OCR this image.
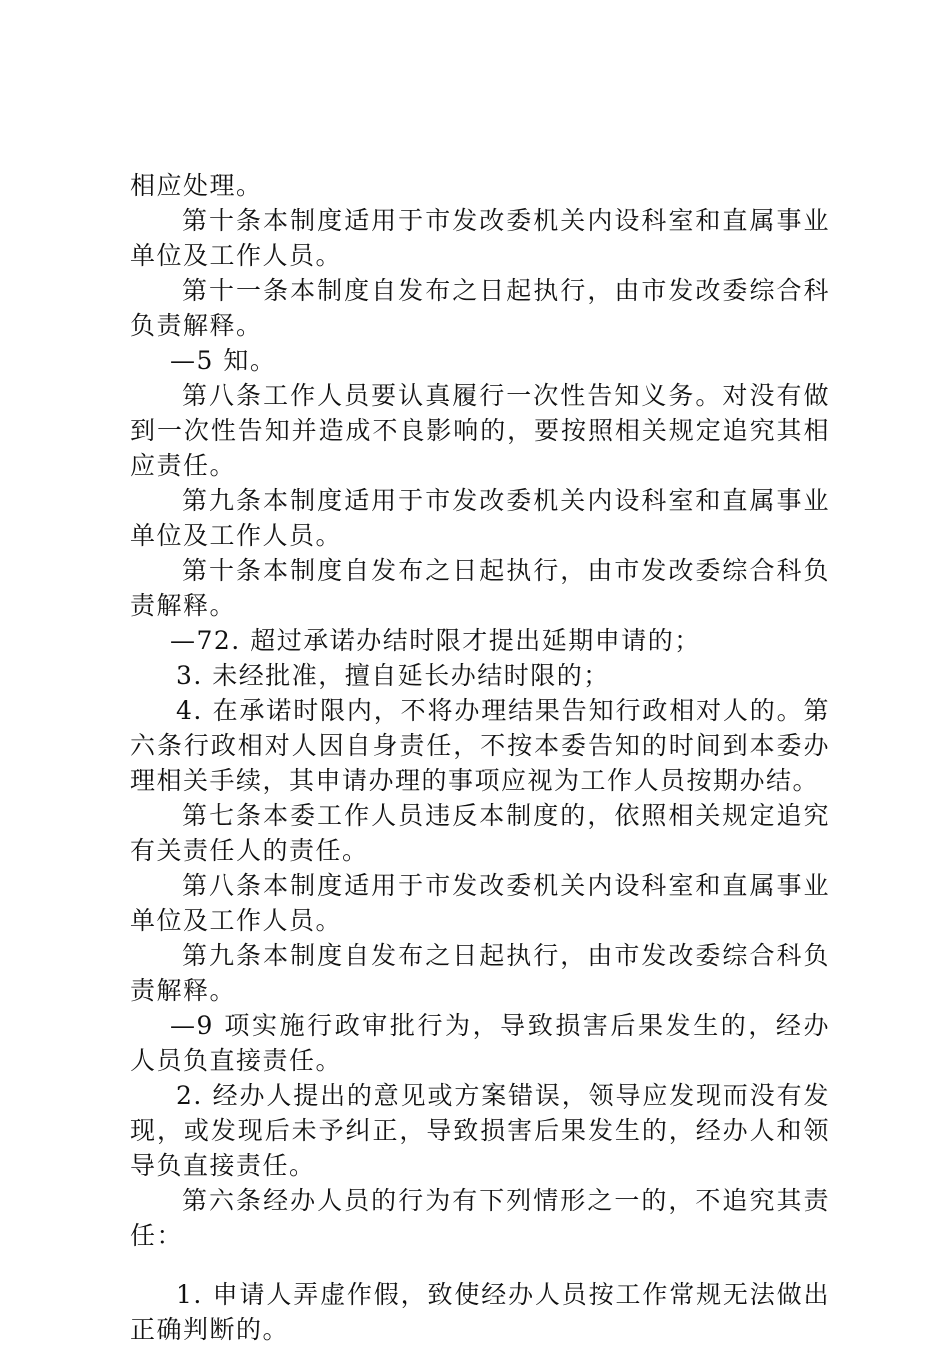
相应处理。

第十条本制度适用于市发改委机关内设科室和直属事业单位及工作人员。

第十一条本制度自发布之日起执行，由市发改委综合科负责解释。

—5 知。

第八条工作人员要认真履行一次性告知义务。对没有做到一次性告知并造成不良影响的，要按照相关规定追究其相应责任。

第九条本制度适用于市发改委机关内设科室和直属事业单位及工作人员。

第十条本制度自发布之日起执行，由市发改委综合科负责解释。

—72. 超过承诺办结时限才提出延期申请的；

3. 未经批准，擅自延长办结时限的；

4. 在承诺时限内，不将办理结果告知行政相对人的。第六条行政相对人因自身责任，不按本委告知的时间到本委办理相关手续，其申请办理的事项应视为工作人员按期办结。

第七条本委工作人员违反本制度的，依照相关规定追究有关责任人的责任。

第八条本制度适用于市发改委机关内设科室和直属事业单位及工作人员。

第九条本制度自发布之日起执行，由市发改委综合科负责解释。

—9 项实施行政审批行为，导致损害后果发生的，经办人员负直接责任。

2. 经办人提出的意见或方案错误，领导应发现而没有发现，或发现后未予纠正，导致损害后果发生的，经办人和领导负直接责任。

第六条经办人员的行为有下列情形之一的，不追究其责任：

1. 申请人弄虚作假，致使经办人员按工作常规无法做出正确判断的。
